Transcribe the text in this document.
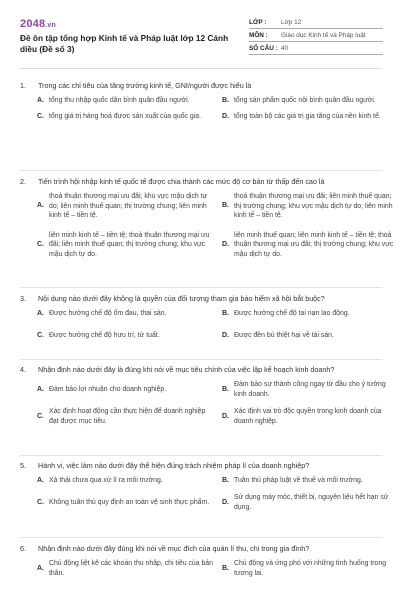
2048.vn
Đề ôn tập tổng hợp Kinh tế và Pháp luật lớp 12 Cánh diều (Đề số 3)
LỚP :	Lớp 12
MÔN :	Giáo dục Kinh tế và Pháp luật
SỐ CÂU : 40
1. Trong các chỉ tiêu của tăng trưởng kinh tế, GNI/người được hiểu là
A. tổng thu nhập quốc dân bình quân đầu người.	B. tổng sản phẩm quốc nội bình quân đầu người.
C. tổng giá trị hàng hoá được sản xuất của quốc gia.	D. tổng toàn bộ các giá trị gia tăng của nền kinh tế.
2. Tiến trình hội nhập kinh tế quốc tế được chia thành các mức độ cơ bản từ thấp đến cao là
A.
thoả thuận thương mại ưu đãi; khu vực mậu dịch tự do; liên minh thuế quan; thị trường chung; liên minh kinh tế – tiền tệ.
B.
thoả thuận thương mại ưu đãi; liên minh thuế quan; thị trường chung; khu vực mậu dịch tự do; liên minh kinh tế – tiền tệ.
C.
liên minh kinh tế – tiền tệ; thoả thuận thương mại ưu đãi; liên minh thuế quan; thị trường chung; khu vực mậu dịch tự do.
D.
liên minh thuế quan; liên minh kinh tế – tiền tệ; thoả thuận thương mại ưu đãi; thị trường chung; khu vực mậu dịch tự do.
3. Nội dung nào dưới đây không là quyền của đối tượng tham gia bảo hiểm xã hội bắt buộc?
A. Được hưởng chế độ ốm đau, thai sản.	B. Được hưởng chế độ tai nạn lao động.
C. Được hưởng chế độ hưu trí, tử tuất.	D. Được đền bù thiệt hại về tài sản.
4. Nhận định nào dưới đây là đúng khi nói về mục tiêu chính của việc lập kế hoạch kinh doanh?
A. Đảm bảo lợi nhuận cho doanh nghiệp.	B.
Đảm bảo sự thành công ngay từ đầu cho ý tưởng kinh doanh.
C.
Xác định hoạt động cần thực hiện để doanh nghiệp đạt được mục tiêu.
D.
Xác định vai trò độc quyền trong kinh doanh của doanh nghiệp.
5. Hành vi, việc làm nào dưới đây thể hiện đúng trách nhiệm pháp lí của doanh nghiệp?
A. Xả thải chưa qua xử lí ra môi trường.	B. Tuân thủ pháp luật về thuế và môi trường.
C. Không tuân thủ quy định an toàn vệ sinh thực phẩm.	D.
Sử dụng máy móc, thiết bị, nguyên liệu hết hạn sử dụng.
6. Nhận định nào dưới đây đúng khi nói về mục đích của quản lí thu, chi trong gia đình?
A.
Chủ động liệt kê các khoản thu nhập, chi tiêu của bản thân.
B.
Chủ động và ứng phó với những tình huống trong tương lai.
